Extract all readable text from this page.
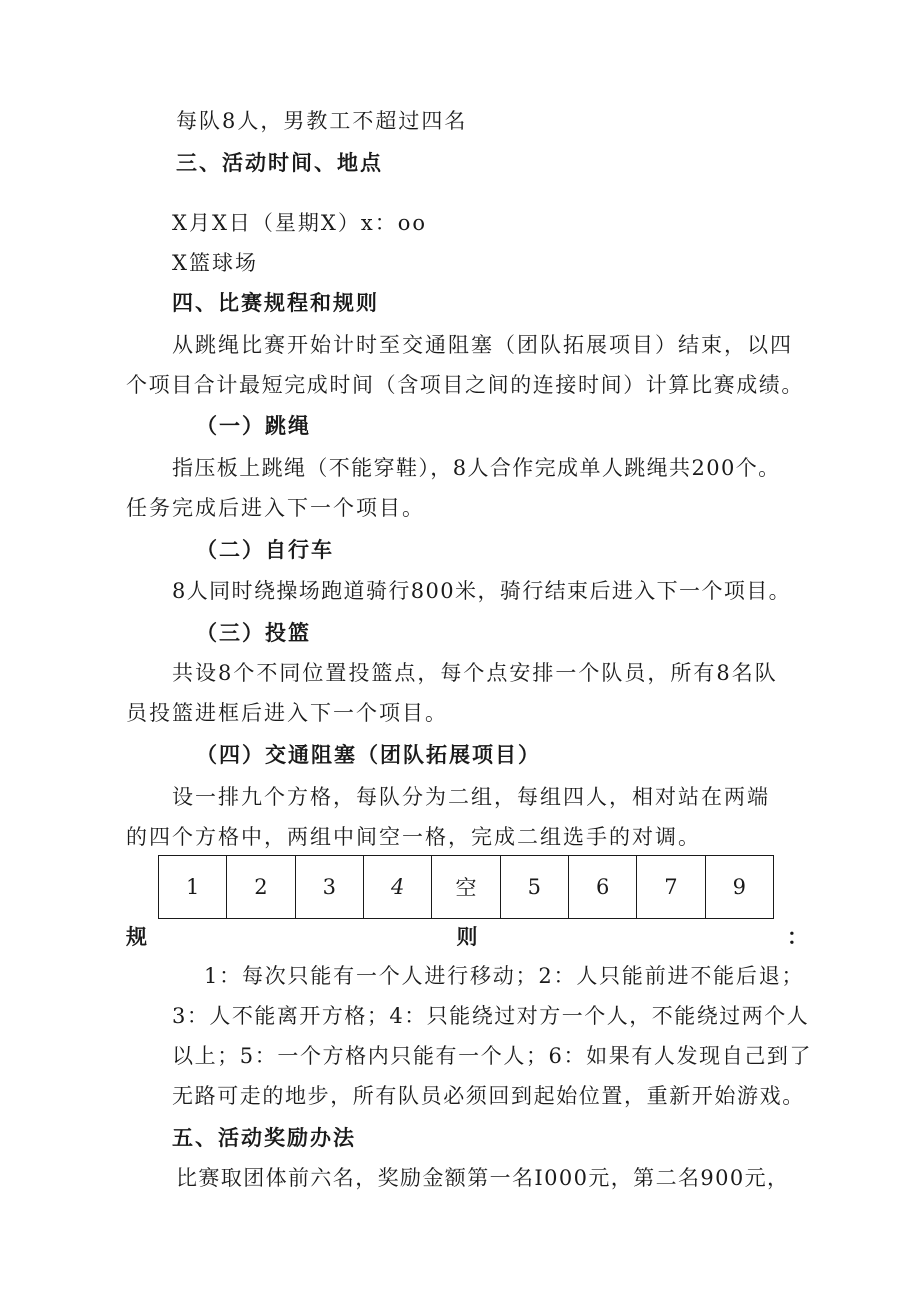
每队8人，男教工不超过四名
三、活动时间、地点
X月X日（星期X）x：oo
X篮球场
四、比赛规程和规则
从跳绳比赛开始计时至交通阻塞（团队拓展项目）结束，以四
个项目合计最短完成时间（含项目之间的连接时间）计算比赛成绩。
（一）跳绳
指压板上跳绳（不能穿鞋），8人合作完成单人跳绳共200个。
任务完成后进入下一个项目。
（二）自行车
8人同时绕操场跑道骑行800米，骑行结束后进入下一个项目。
（三）投篮
共设8个不同位置投篮点，每个点安排一个队员，所有8名队
员投篮进框后进入下一个项目。
（四）交通阻塞（团队拓展项目）
设一排九个方格，每队分为二组，每组四人，相对站在两端
的四个方格中，两组中间空一格，完成二组选手的对调。
1	2	3	4	空	5	6	7	9
规	则	：
1：每次只能有一个人进行移动；2：人只能前进不能后退；
3：人不能离开方格；4：只能绕过对方一个人，不能绕过两个人
以上；5：一个方格内只能有一个人；6：如果有人发现自己到了
无路可走的地步，所有队员必须回到起始位置，重新开始游戏。
五、活动奖励办法
比赛取团体前六名，奖励金额第一名I000元，第二名900元，
